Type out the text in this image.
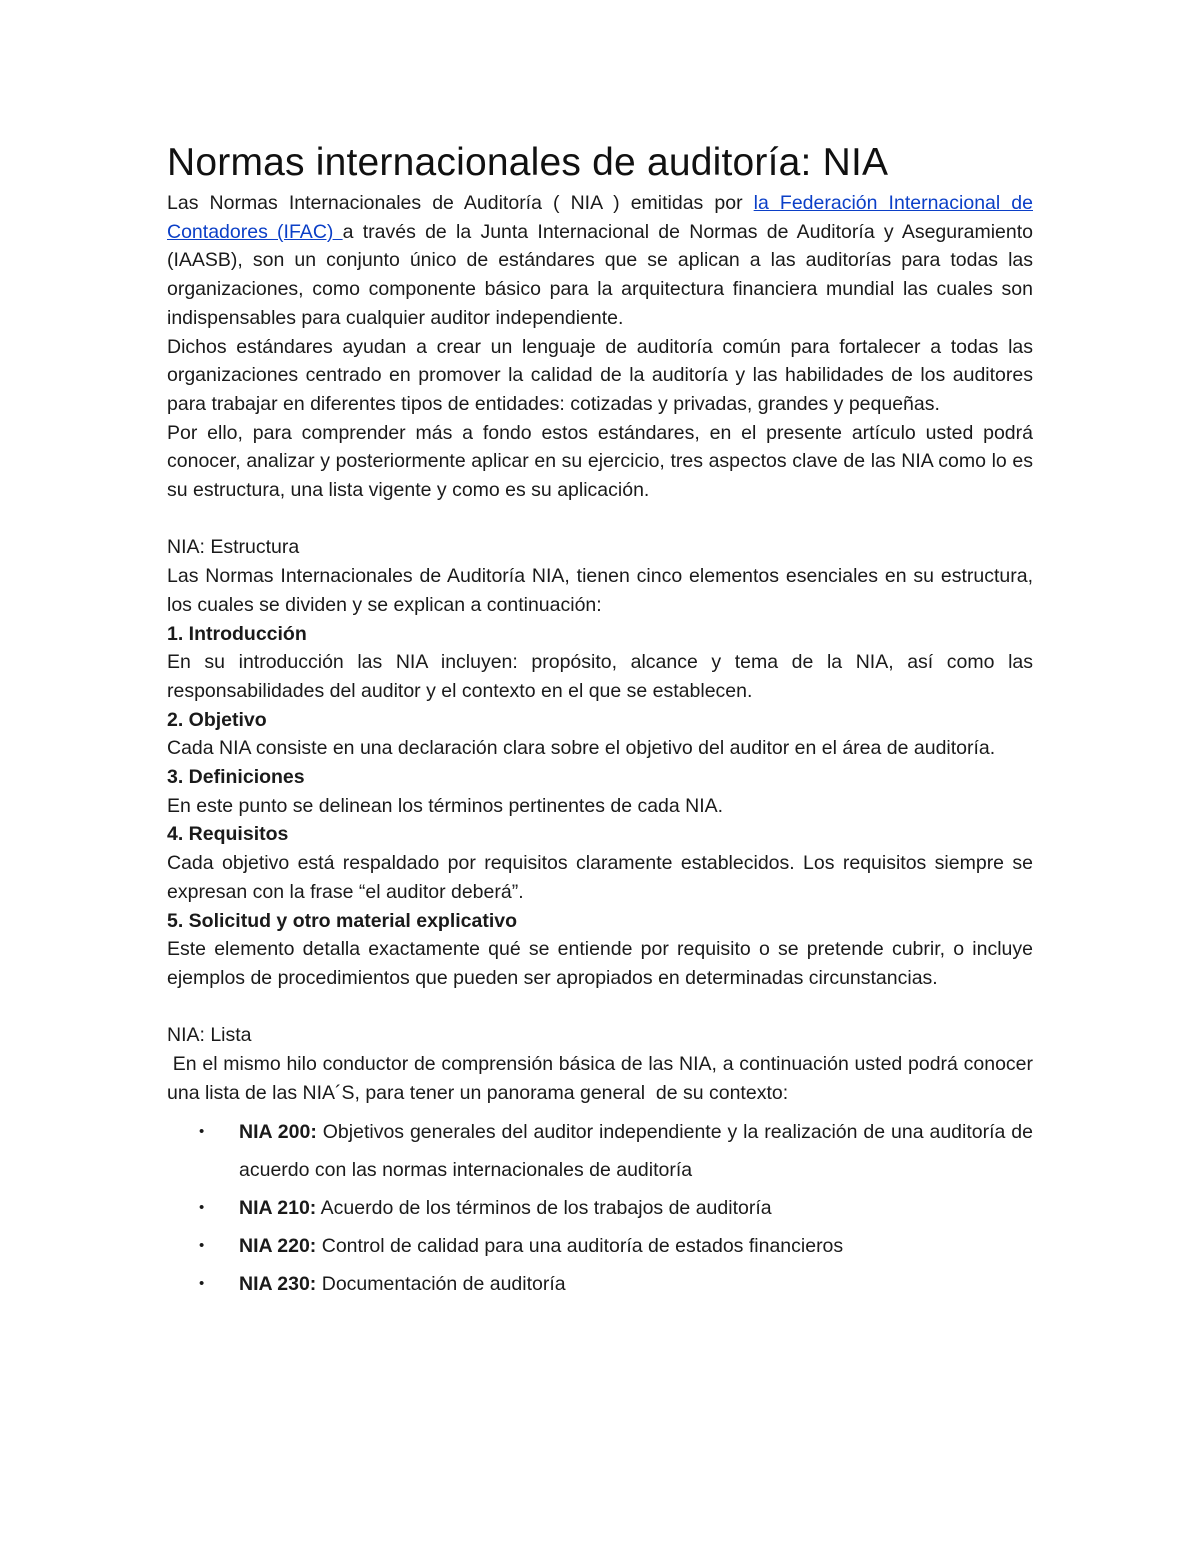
Normas internacionales de auditoría: NIA

Las Normas Internacionales de Auditoría ( NIA ) emitidas por la Federación Internacional de Contadores (IFAC) a través de la Junta Internacional de Normas de Auditoría y Aseguramiento (IAASB), son un conjunto único de estándares que se aplican a las auditorías para todas las organizaciones, como componente básico para la arquitectura financiera mundial las cuales son indispensables para cualquier auditor independiente.

Dichos estándares ayudan a crear un lenguaje de auditoría común para fortalecer a todas las organizaciones centrado en promover la calidad de la auditoría y las habilidades de los auditores para trabajar en diferentes tipos de entidades: cotizadas y privadas, grandes y pequeñas.

Por ello, para comprender más a fondo estos estándares, en el presente artículo usted podrá conocer, analizar y posteriormente aplicar en su ejercicio, tres aspectos clave de las NIA como lo es su estructura, una lista vigente y como es su aplicación.

NIA: Estructura

Las Normas Internacionales de Auditoría NIA, tienen cinco elementos esenciales en su estructura, los cuales se dividen y se explican a continuación:

1. Introducción

En su introducción las NIA incluyen: propósito, alcance y tema de la NIA, así como las responsabilidades del auditor y el contexto en el que se establecen.

2. Objetivo

Cada NIA consiste en una declaración clara sobre el objetivo del auditor en el área de auditoría.

3. Definiciones

En este punto se delinean los términos pertinentes de cada NIA.

4. Requisitos

Cada objetivo está respaldado por requisitos claramente establecidos. Los requisitos siempre se expresan con la frase “el auditor deberá”.

5. Solicitud y otro material explicativo

Este elemento detalla exactamente qué se entiende por requisito o se pretende cubrir, o incluye ejemplos de procedimientos que pueden ser apropiados en determinadas circunstancias.

NIA: Lista

En el mismo hilo conductor de comprensión básica de las NIA, a continuación usted podrá conocer una lista de las NIA´S, para tener un panorama general  de su contexto:

• NIA 200: Objetivos generales del auditor independiente y la realización de una auditoría de acuerdo con las normas internacionales de auditoría
• NIA 210: Acuerdo de los términos de los trabajos de auditoría
• NIA 220: Control de calidad para una auditoría de estados financieros
• NIA 230: Documentación de auditoría
